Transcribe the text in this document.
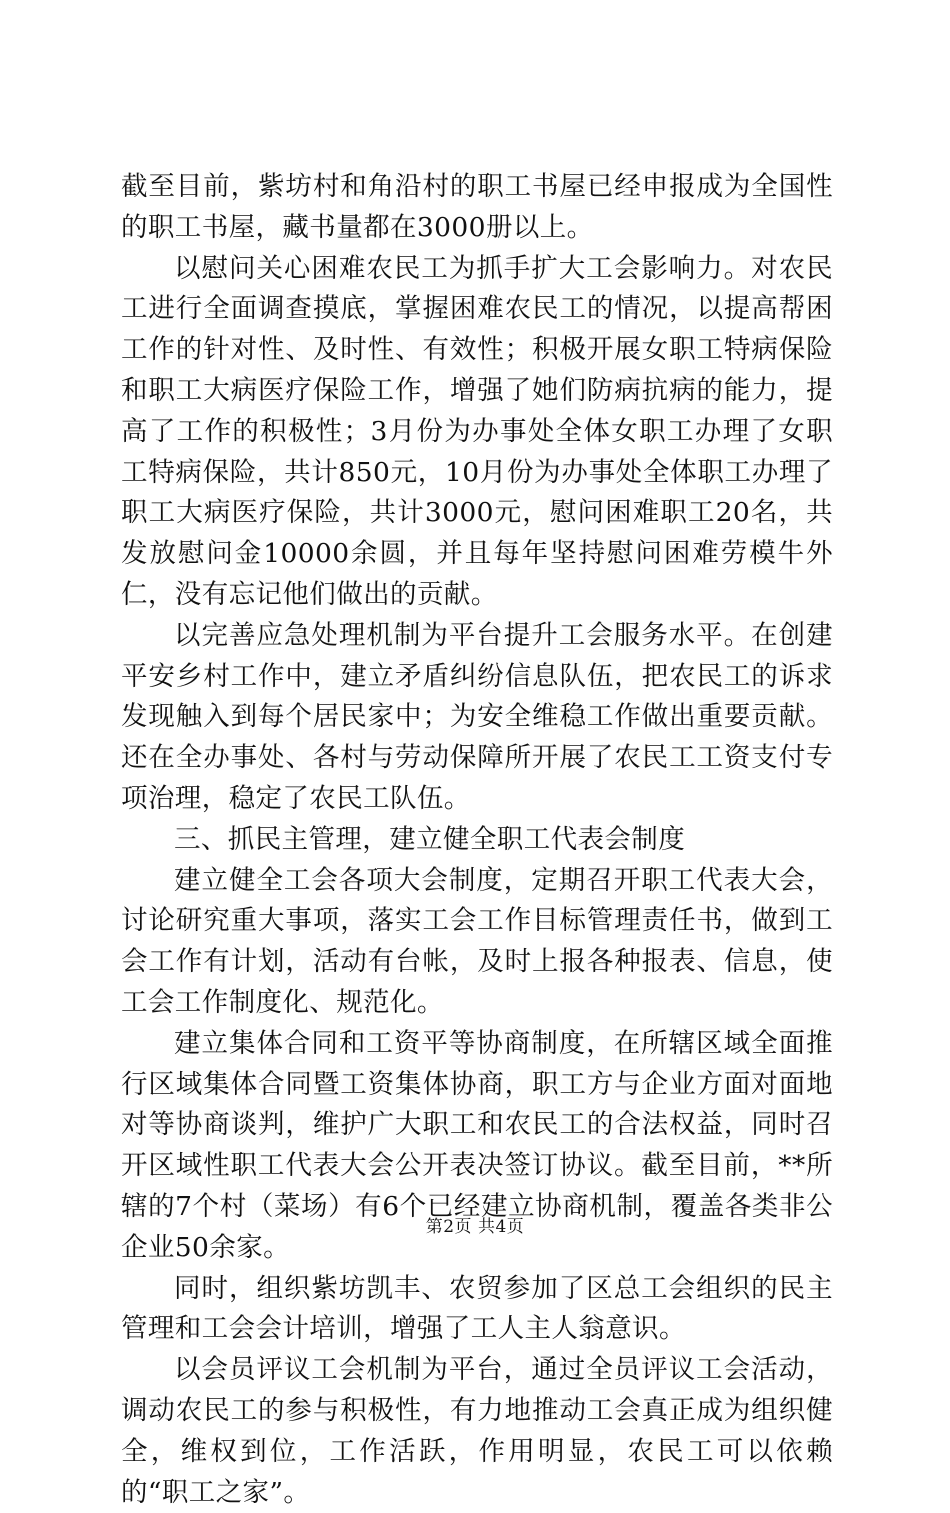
截至目前，紫坊村和角沿村的职工书屋已经申报成为全国性的职工书屋，藏书量都在3000册以上。

以慰问关心困难农民工为抓手扩大工会影响力。对农民工进行全面调查摸底，掌握困难农民工的情况，以提高帮困工作的针对性、及时性、有效性；积极开展女职工特病保险和职工大病医疗保险工作，增强了她们防病抗病的能力，提高了工作的积极性；3月份为办事处全体女职工办理了女职工特病保险，共计850元，10月份为办事处全体职工办理了职工大病医疗保险，共计3000元，慰问困难职工20名，共发放慰问金10000余圆，并且每年坚持慰问困难劳模牛外仁，没有忘记他们做出的贡献。

以完善应急处理机制为平台提升工会服务水平。在创建平安乡村工作中，建立矛盾纠纷信息队伍，把农民工的诉求发现触入到每个居民家中；为安全维稳工作做出重要贡献。还在全办事处、各村与劳动保障所开展了农民工工资支付专项治理，稳定了农民工队伍。

三、抓民主管理，建立健全职工代表会制度

建立健全工会各项大会制度，定期召开职工代表大会，讨论研究重大事项，落实工会工作目标管理责任书，做到工会工作有计划，活动有台帐，及时上报各种报表、信息，使工会工作制度化、规范化。

建立集体合同和工资平等协商制度，在所辖区域全面推行区域集体合同暨工资集体协商，职工方与企业方面对面地对等协商谈判，维护广大职工和农民工的合法权益，同时召开区域性职工代表大会公开表决签订协议。截至目前，**所辖的7个村（菜场）有6个已经建立协商机制，覆盖各类非公企业50余家。

同时，组织紫坊凯丰、农贸参加了区总工会组织的民主管理和工会会计培训，增强了工人主人翁意识。

以会员评议工会机制为平台，通过全员评议工会活动，调动农民工的参与积极性，有力地推动工会真正成为组织健全，维权到位，工作活跃，作用明显，农民工可以依赖的“职工之家”。

第2页 共4页
